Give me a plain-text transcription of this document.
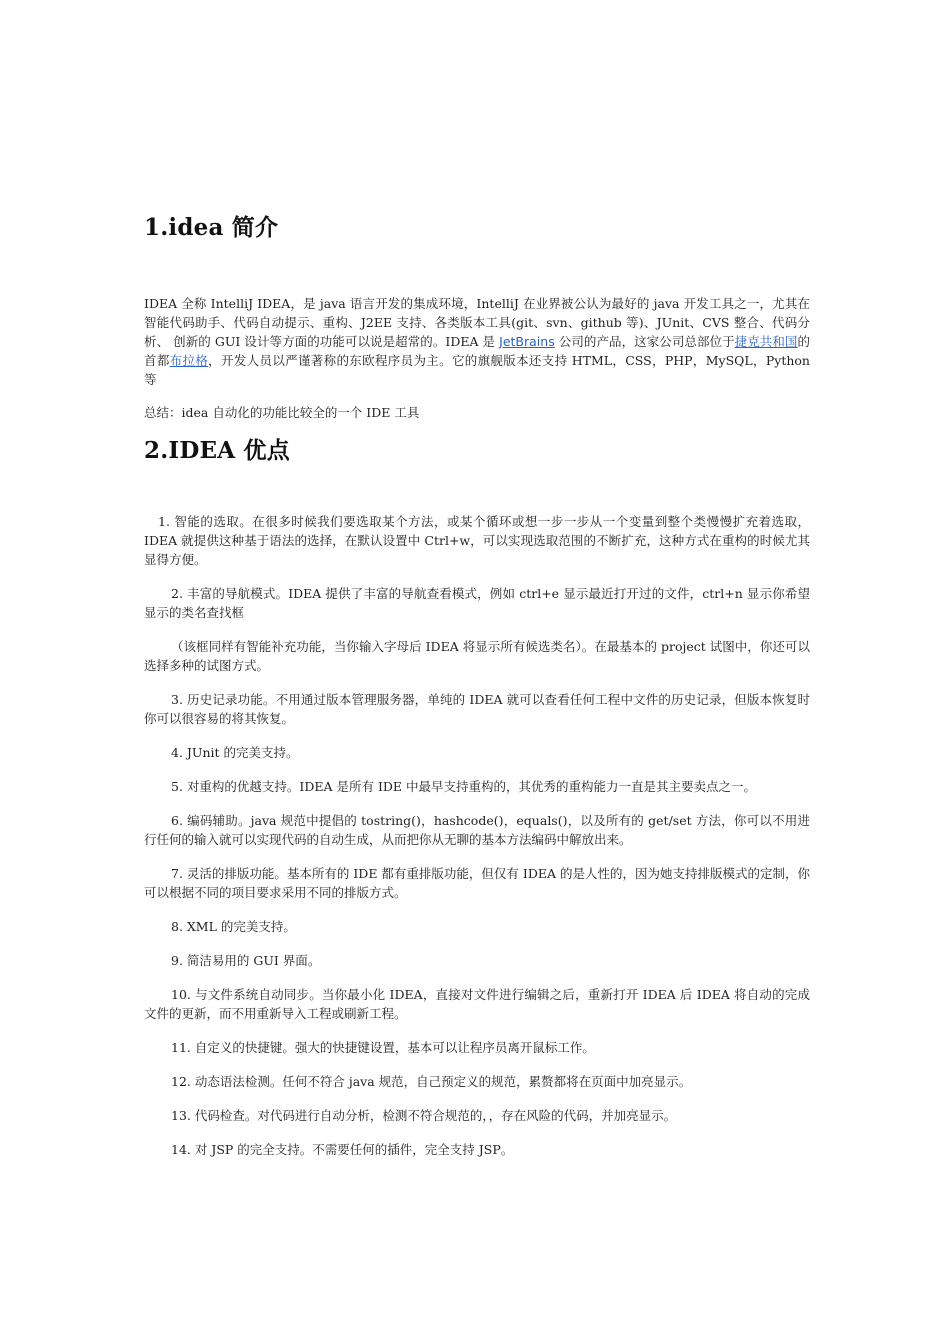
1.idea 简介

IDEA 全称 IntelliJ IDEA，是 java 语言开发的集成环境，IntelliJ 在业界被公认为最好的 java 开发工具之一，尤其在智能代码助手、代码自动提示、重构、J2EE 支持、各类版本工具(git、svn、github 等)、JUnit、CVS 整合、代码分析、 创新的 GUI 设计等方面的功能可以说是超常的。IDEA 是 JetBrains 公司的产品，这家公司总部位于捷克共和国的首都布拉格，开发人员以严谨著称的东欧程序员为主。它的旗舰版本还支持 HTML，CSS，PHP，MySQL，Python 等

总结：idea 自动化的功能比较全的一个 IDE 工具

2.IDEA 优点

1. 智能的选取。在很多时候我们要选取某个方法，或某个循环或想一步一步从一个变量到整个类慢慢扩充着选取，IDEA 就提供这种基于语法的选择，在默认设置中 Ctrl+w，可以实现选取范围的不断扩充，这种方式在重构的时候尤其显得方便。

2. 丰富的导航模式。IDEA 提供了丰富的导航查看模式，例如 ctrl+e 显示最近打开过的文件，ctrl+n 显示你希望显示的类名查找框

（该框同样有智能补充功能，当你输入字母后 IDEA 将显示所有候选类名）。在最基本的 project 试图中，你还可以选择多种的试图方式。

3. 历史记录功能。不用通过版本管理服务器，单纯的 IDEA 就可以查看任何工程中文件的历史记录，但版本恢复时你可以很容易的将其恢复。

4. JUnit 的完美支持。

5. 对重构的优越支持。IDEA 是所有 IDE 中最早支持重构的，其优秀的重构能力一直是其主要卖点之一。

6. 编码辅助。java 规范中提倡的 tostring()，hashcode()，equals()，以及所有的 get/set 方法，你可以不用进行任何的输入就可以实现代码的自动生成，从而把你从无聊的基本方法编码中解放出来。

7. 灵活的排版功能。基本所有的 IDE 都有重排版功能，但仅有 IDEA 的是人性的，因为她支持排版模式的定制，你可以根据不同的项目要求采用不同的排版方式。

8. XML 的完美支持。

9. 简洁易用的 GUI 界面。

10. 与文件系统自动同步。当你最小化 IDEA，直接对文件进行编辑之后，重新打开 IDEA 后 IDEA 将自动的完成文件的更新，而不用重新导入工程或刷新工程。

11. 自定义的快捷键。强大的快捷键设置，基本可以让程序员离开鼠标工作。

12. 动态语法检测。任何不符合 java 规范，自己预定义的规范，累赘都将在页面中加亮显示。

13. 代码检查。对代码进行自动分析，检测不符合规范的，，存在风险的代码，并加亮显示。

14. 对 JSP 的完全支持。不需要任何的插件，完全支持 JSP。
